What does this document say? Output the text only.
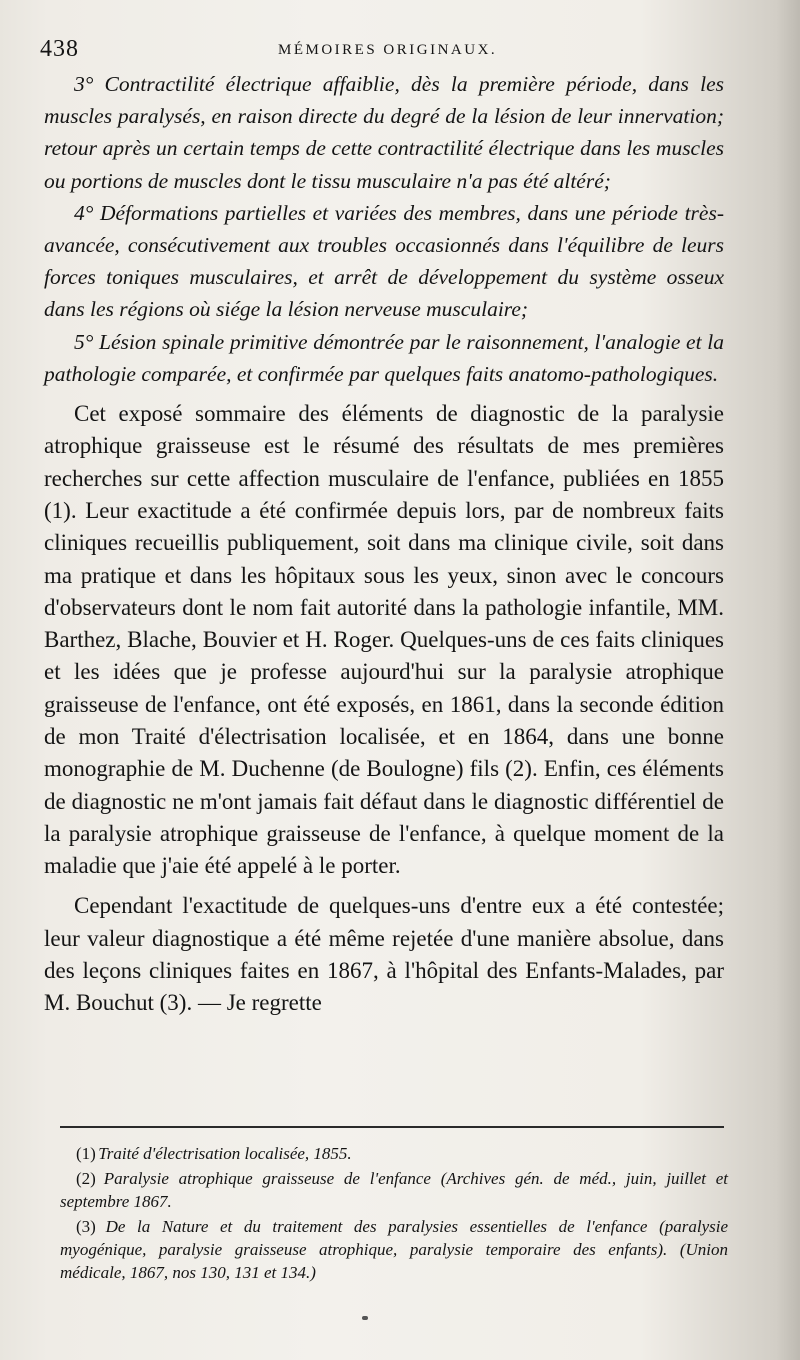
438	MÉMOIRES ORIGINAUX.

3° Contractilité électrique affaiblie, dès la première période, dans les muscles paralysés, en raison directe du degré de la lésion de leur innervation; retour après un certain temps de cette contractilité électrique dans les muscles ou portions de muscles dont le tissu musculaire n'a pas été altéré;

4° Déformations partielles et variées des membres, dans une période très-avancée, consécutivement aux troubles occasionnés dans l'équilibre de leurs forces toniques musculaires, et arrêt de développement du système osseux dans les régions où siége la lésion nerveuse musculaire;

5° Lésion spinale primitive démontrée par le raisonnement, l'analogie et la pathologie comparée, et confirmée par quelques faits anatomo-pathologiques.

Cet exposé sommaire des éléments de diagnostic de la paralysie atrophique graisseuse est le résumé des résultats de mes premières recherches sur cette affection musculaire de l'enfance, publiées en 1855 (1). Leur exactitude a été confirmée depuis lors, par de nombreux faits cliniques recueillis publiquement, soit dans ma clinique civile, soit dans ma pratique et dans les hôpitaux sous les yeux, sinon avec le concours d'observateurs dont le nom fait autorité dans la pathologie infantile, MM. Barthez, Blache, Bouvier et H. Roger. Quelques-uns de ces faits cliniques et les idées que je professe aujourd'hui sur la paralysie atrophique graisseuse de l'enfance, ont été exposés, en 1861, dans la seconde édition de mon Traité d'électrisation localisée, et en 1864, dans une bonne monographie de M. Duchenne (de Boulogne) fils (2). Enfin, ces éléments de diagnostic ne m'ont jamais fait défaut dans le diagnostic différentiel de la paralysie atrophique graisseuse de l'enfance, à quelque moment de la maladie que j'aie été appelé à le porter.

Cependant l'exactitude de quelques-uns d'entre eux a été contestée; leur valeur diagnostique a été même rejetée d'une manière absolue, dans des leçons cliniques faites en 1867, à l'hôpital des Enfants-Malades, par M. Bouchut (3). — Je regrette

(1) Traité d'électrisation localisée, 1855.

(2) Paralysie atrophique graisseuse de l'enfance (Archives gén. de méd., juin, juillet et septembre 1867.

(3) De la Nature et du traitement des paralysies essentielles de l'enfance (paralysie myogénique, paralysie graisseuse atrophique, paralysie temporaire des enfants). (Union médicale, 1867, nos 130, 131 et 134.)
